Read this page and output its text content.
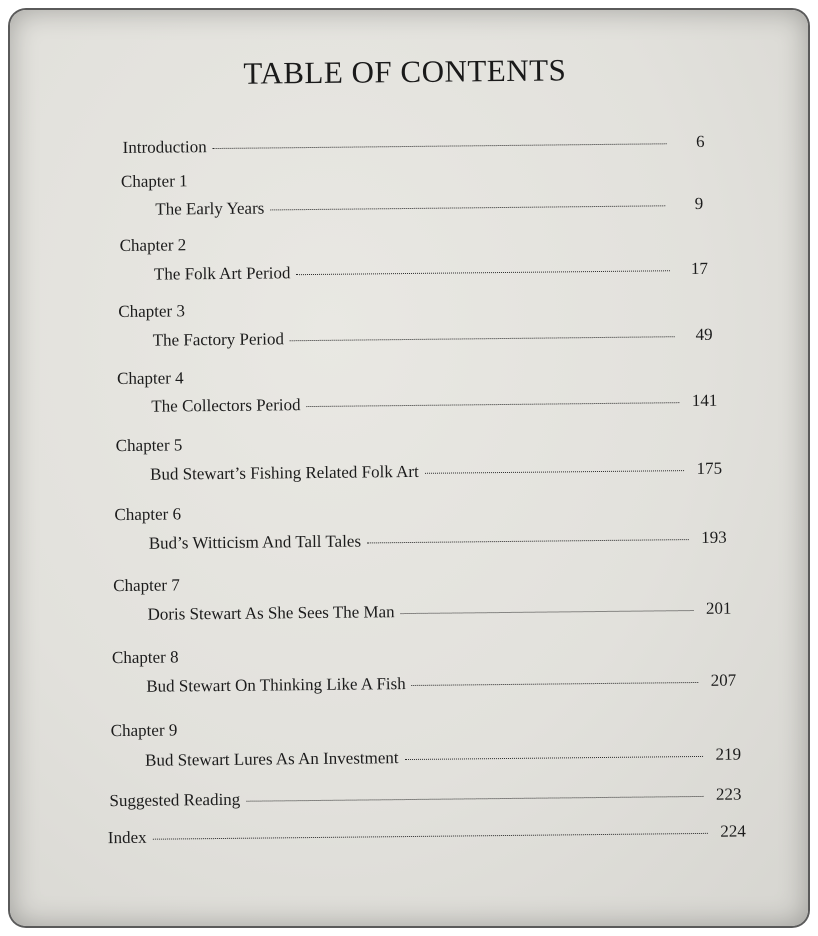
TABLE OF CONTENTS
Introduction	6
Chapter 1
The Early Years	9
Chapter 2
The Folk Art Period	17
Chapter 3
The Factory Period	49
Chapter 4
The Collectors Period	141
Chapter 5
Bud Stewart’s Fishing Related Folk Art	175
Chapter 6
Bud’s Witticism And Tall Tales	193
Chapter 7
Doris Stewart As She Sees The Man	201
Chapter 8
Bud Stewart On Thinking Like A Fish	207
Chapter 9
Bud Stewart Lures As An Investment	219
Suggested Reading	223
Index	224
